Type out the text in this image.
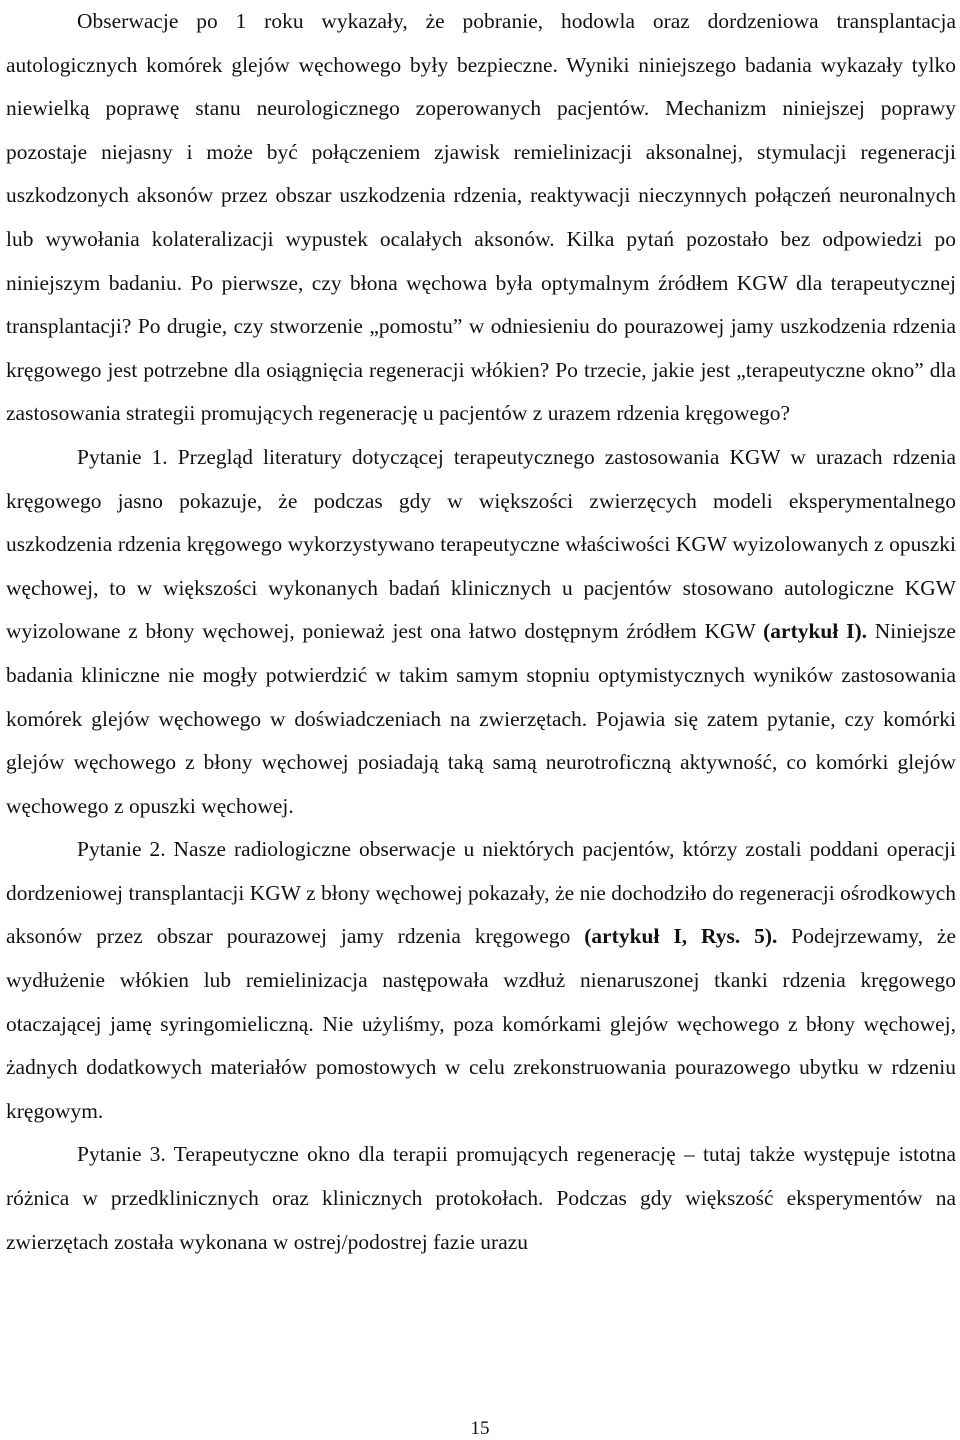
Obserwacje po 1 roku wykazały, że pobranie, hodowla oraz dordzeniowa transplantacja autologicznych komórek glejów węchowego były bezpieczne. Wyniki niniejszego badania wykazały tylko niewielką poprawę stanu neurologicznego zoperowanych pacjentów. Mechanizm niniejszej poprawy pozostaje niejasny i może być połączeniem zjawisk remielinizacji aksonalnej, stymulacji regeneracji uszkodzonych aksonów przez obszar uszkodzenia rdzenia, reaktywacji nieczynnych połączeń neuronalnych lub wywołania kolateralizacji wypustek ocalałych aksonów. Kilka pytań pozostało bez odpowiedzi po niniejszym badaniu. Po pierwsze, czy błona węchowa była optymalnym źródłem KGW dla terapeutycznej transplantacji? Po drugie, czy stworzenie „pomostu” w odniesieniu do pourazowej jamy uszkodzenia rdzenia kręgowego jest potrzebne dla osiągnięcia regeneracji włókien? Po trzecie, jakie jest „terapeutyczne okno” dla zastosowania strategii promujących regenerację u pacjentów z urazem rdzenia kręgowego?

Pytanie 1. Przegląd literatury dotyczącej terapeutycznego zastosowania KGW w urazach rdzenia kręgowego jasno pokazuje, że podczas gdy w większości zwierzęcych modeli eksperymentalnego uszkodzenia rdzenia kręgowego wykorzystywano terapeutyczne właściwości KGW wyizolowanych z opuszki węchowej, to w większości wykonanych badań klinicznych u pacjentów stosowano autologiczne KGW wyizolowane z błony węchowej, ponieważ jest ona łatwo dostępnym źródłem KGW (artykuł I). Niniejsze badania kliniczne nie mogły potwierdzić w takim samym stopniu optymistycznych wyników zastosowania komórek glejów węchowego w doświadczeniach na zwierzętach. Pojawia się zatem pytanie, czy komórki glejów węchowego z błony węchowej posiadają taką samą neurotroficzną aktywność, co komórki glejów węchowego z opuszki węchowej.

Pytanie 2. Nasze radiologiczne obserwacje u niektórych pacjentów, którzy zostali poddani operacji dordzeniowej transplantacji KGW z błony węchowej pokazały, że nie dochodziło do regeneracji ośrodkowych aksonów przez obszar pourazowej jamy rdzenia kręgowego (artykuł I, Rys. 5). Podejrzewamy, że wydłużenie włókien lub remielinizacja następowała wzdłuż nienaruszonej tkanki rdzenia kręgowego otaczającej jamę syringomieliczną. Nie użyliśmy, poza komórkami glejów węchowego z błony węchowej, żadnych dodatkowych materiałów pomostowych w celu zrekonstruowania pourazowego ubytku w rdzeniu kręgowym.

Pytanie 3. Terapeutyczne okno dla terapii promujących regenerację – tutaj także występuje istotna różnica w przedklinicznych oraz klinicznych protokołach. Podczas gdy większość eksperymentów na zwierzętach została wykonana w ostrej/podostrej fazie urazu

15
